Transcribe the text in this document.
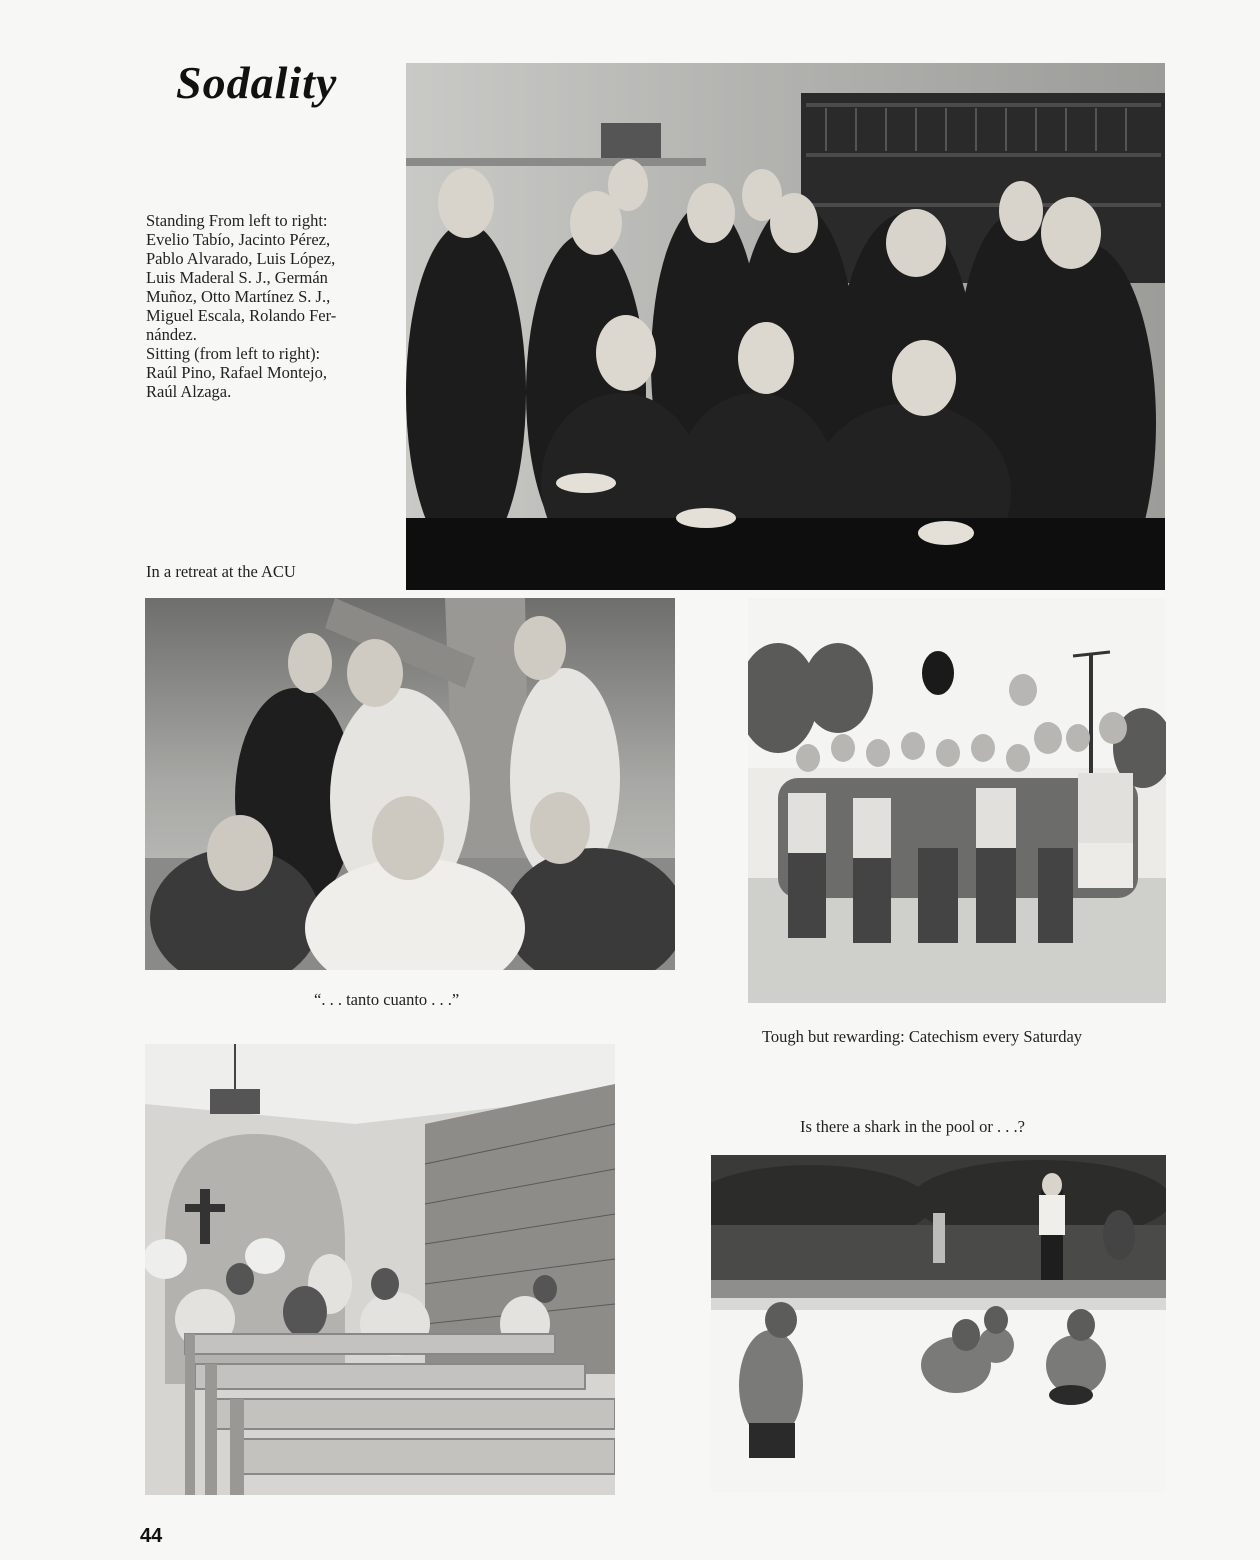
Sodality
Standing From left to right:
Evelio Tabío, Jacinto Pérez,
Pablo Alvarado, Luis López,
Luis Maderal S. J., Germán
Muñoz, Otto Martínez S. J.,
Miguel Escala, Rolando Fer-
nández.
Sitting (from left to right):
Raúl Pino, Rafael Montejo,
Raúl Alzaga.
In a retreat at the ACU
“. . . tanto cuanto . . .”
Tough but rewarding: Catechism every Saturday
Is there a shark in the pool or . . .?
44
